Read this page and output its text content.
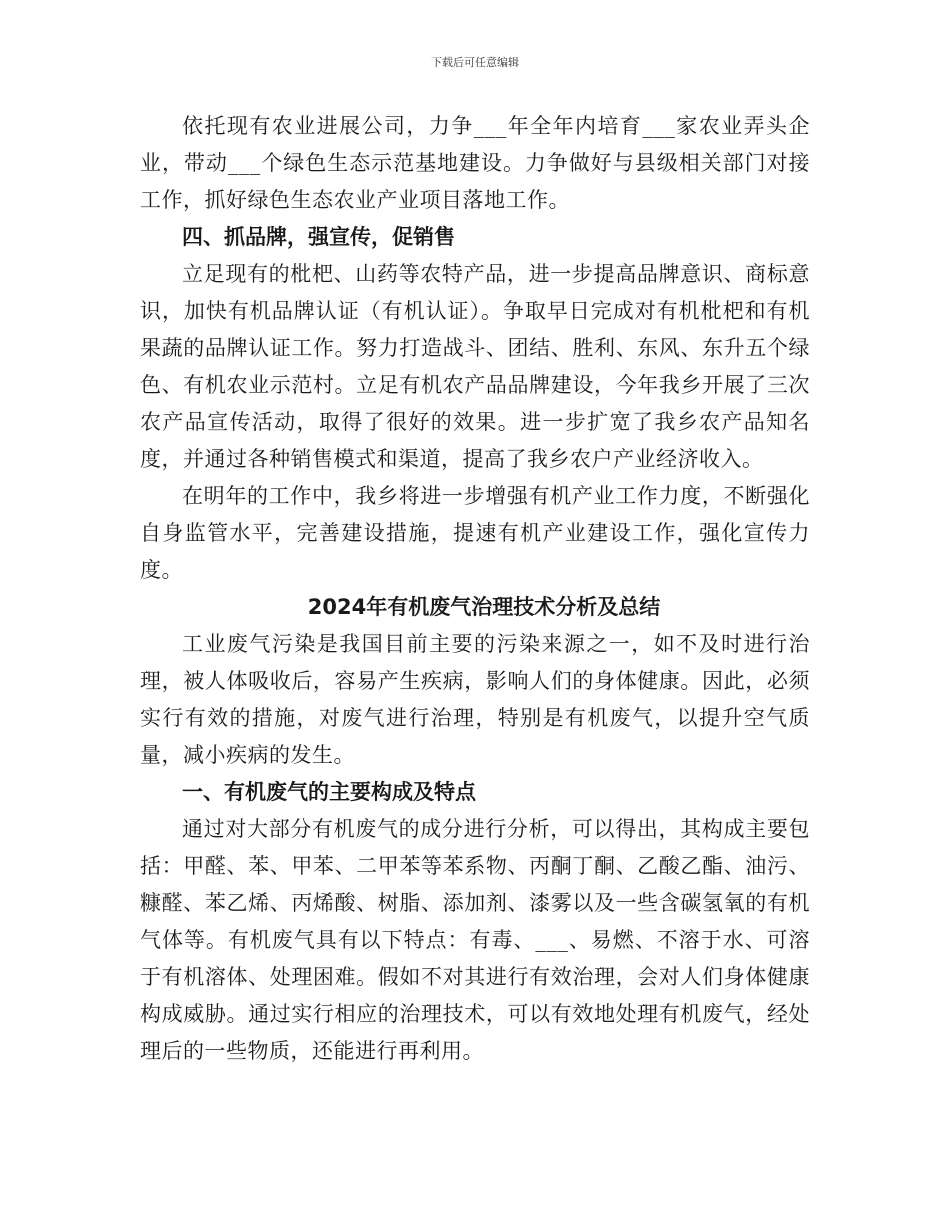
下载后可任意编辑

依托现有农业进展公司，力争___年全年内培育___家农业弄头企业，带动___个绿色生态示范基地建设。力争做好与县级相关部门对接工作，抓好绿色生态农业产业项目落地工作。

四、抓品牌，强宣传，促销售

立足现有的枇杷、山药等农特产品，进一步提高品牌意识、商标意识，加快有机品牌认证（有机认证）。争取早日完成对有机枇杷和有机果蔬的品牌认证工作。努力打造战斗、团结、胜利、东风、东升五个绿色、有机农业示范村。立足有机农产品品牌建设，今年我乡开展了三次农产品宣传活动，取得了很好的效果。进一步扩宽了我乡农产品知名度，并通过各种销售模式和渠道，提高了我乡农户产业经济收入。

在明年的工作中，我乡将进一步增强有机产业工作力度，不断强化自身监管水平，完善建设措施，提速有机产业建设工作，强化宣传力度。

2024年有机废气治理技术分析及总结

工业废气污染是我国目前主要的污染来源之一，如不及时进行治理，被人体吸收后，容易产生疾病，影响人们的身体健康。因此，必须实行有效的措施，对废气进行治理，特别是有机废气，以提升空气质量，减小疾病的发生。

一、有机废气的主要构成及特点

通过对大部分有机废气的成分进行分析，可以得出，其构成主要包括：甲醛、苯、甲苯、二甲苯等苯系物、丙酮丁酮、乙酸乙酯、油污、糠醛、苯乙烯、丙烯酸、树脂、添加剂、漆雾以及一些含碳氢氧的有机气体等。有机废气具有以下特点：有毒、___、易燃、不溶于水、可溶于有机溶体、处理困难。假如不对其进行有效治理，会对人们身体健康构成威胁。通过实行相应的治理技术，可以有效地处理有机废气，经处理后的一些物质，还能进行再利用。
